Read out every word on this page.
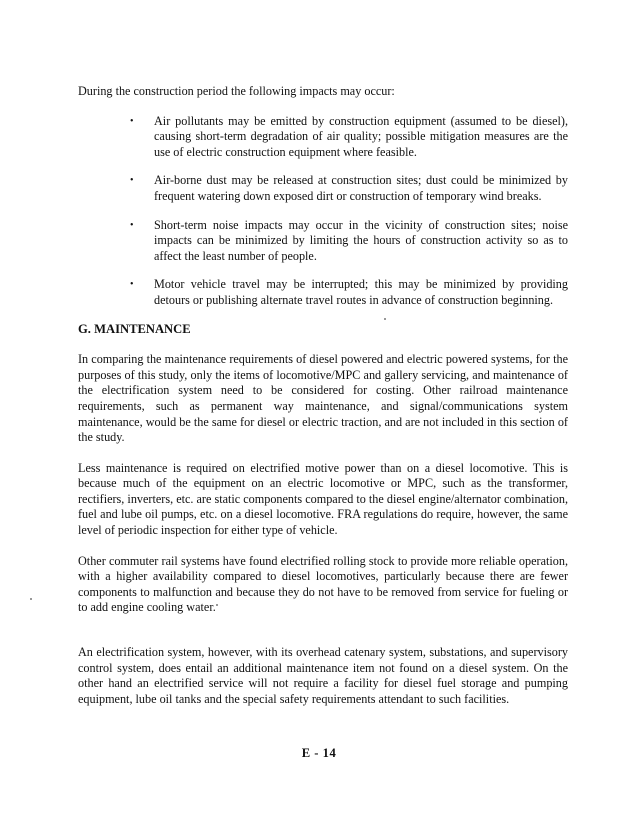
During the construction period the following impacts may occur:

• Air pollutants may be emitted by construction equipment (assumed to be diesel), causing short-term degradation of air quality; possible mitigation measures are the use of electric construction equipment where feasible.
• Air-borne dust may be released at construction sites; dust could be minimized by frequent watering down exposed dirt or construction of temporary wind breaks.
• Short-term noise impacts may occur in the vicinity of construction sites; noise impacts can be minimized by limiting the hours of construction activity so as to affect the least number of people.
• Motor vehicle travel may be interrupted; this may be minimized by providing detours or publishing alternate travel routes in advance of construction beginning.
G. MAINTENANCE

In comparing the maintenance requirements of diesel powered and electric powered systems, for the purposes of this study, only the items of locomotive/MPC and gallery servicing, and maintenance of the electrification system need to be considered for costing. Other railroad maintenance requirements, such as permanent way maintenance, and signal/communications system maintenance, would be the same for diesel or electric traction, and are not included in this section of the study.

Less maintenance is required on electrified motive power than on a diesel locomotive. This is because much of the equipment on an electric locomotive or MPC, such as the transformer, rectifiers, inverters, etc. are static components compared to the diesel engine/alternator combination, fuel and lube oil pumps, etc. on a diesel locomotive. FRA regulations do require, however, the same level of periodic inspection for either type of vehicle.

Other commuter rail systems have found electrified rolling stock to provide more reliable operation, with a higher availability compared to diesel locomotives, particularly because there are fewer components to malfunction and because they do not have to be removed from service for fueling or to add engine cooling water.

An electrification system, however, with its overhead catenary system, substations, and supervisory control system, does entail an additional maintenance item not found on a diesel system. On the other hand an electrified service will not require a facility for diesel fuel storage and pumping equipment, lube oil tanks and the special safety requirements attendant to such facilities.

E - 14
